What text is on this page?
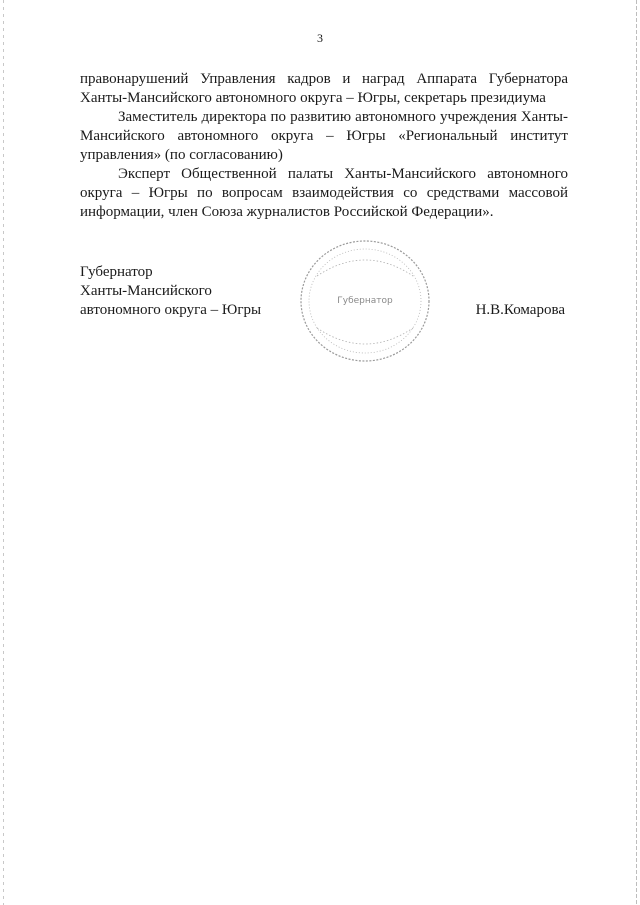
3

правонарушений Управления кадров и наград Аппарата Губернатора Ханты-Мансийского автономного округа – Югры, секретарь президиума

Заместитель директора по развитию автономного учреждения Ханты-Мансийского автономного округа – Югры «Региональный институт управления» (по согласованию)

Эксперт Общественной палаты Ханты-Мансийского автономного округа – Югры по вопросам взаимодействия со средствами массовой информации, член Союза журналистов Российской Федерации».

Губернатор
Ханты-Мансийского
автономного округа – Югры
Губернатор
Н.В.Комарова
